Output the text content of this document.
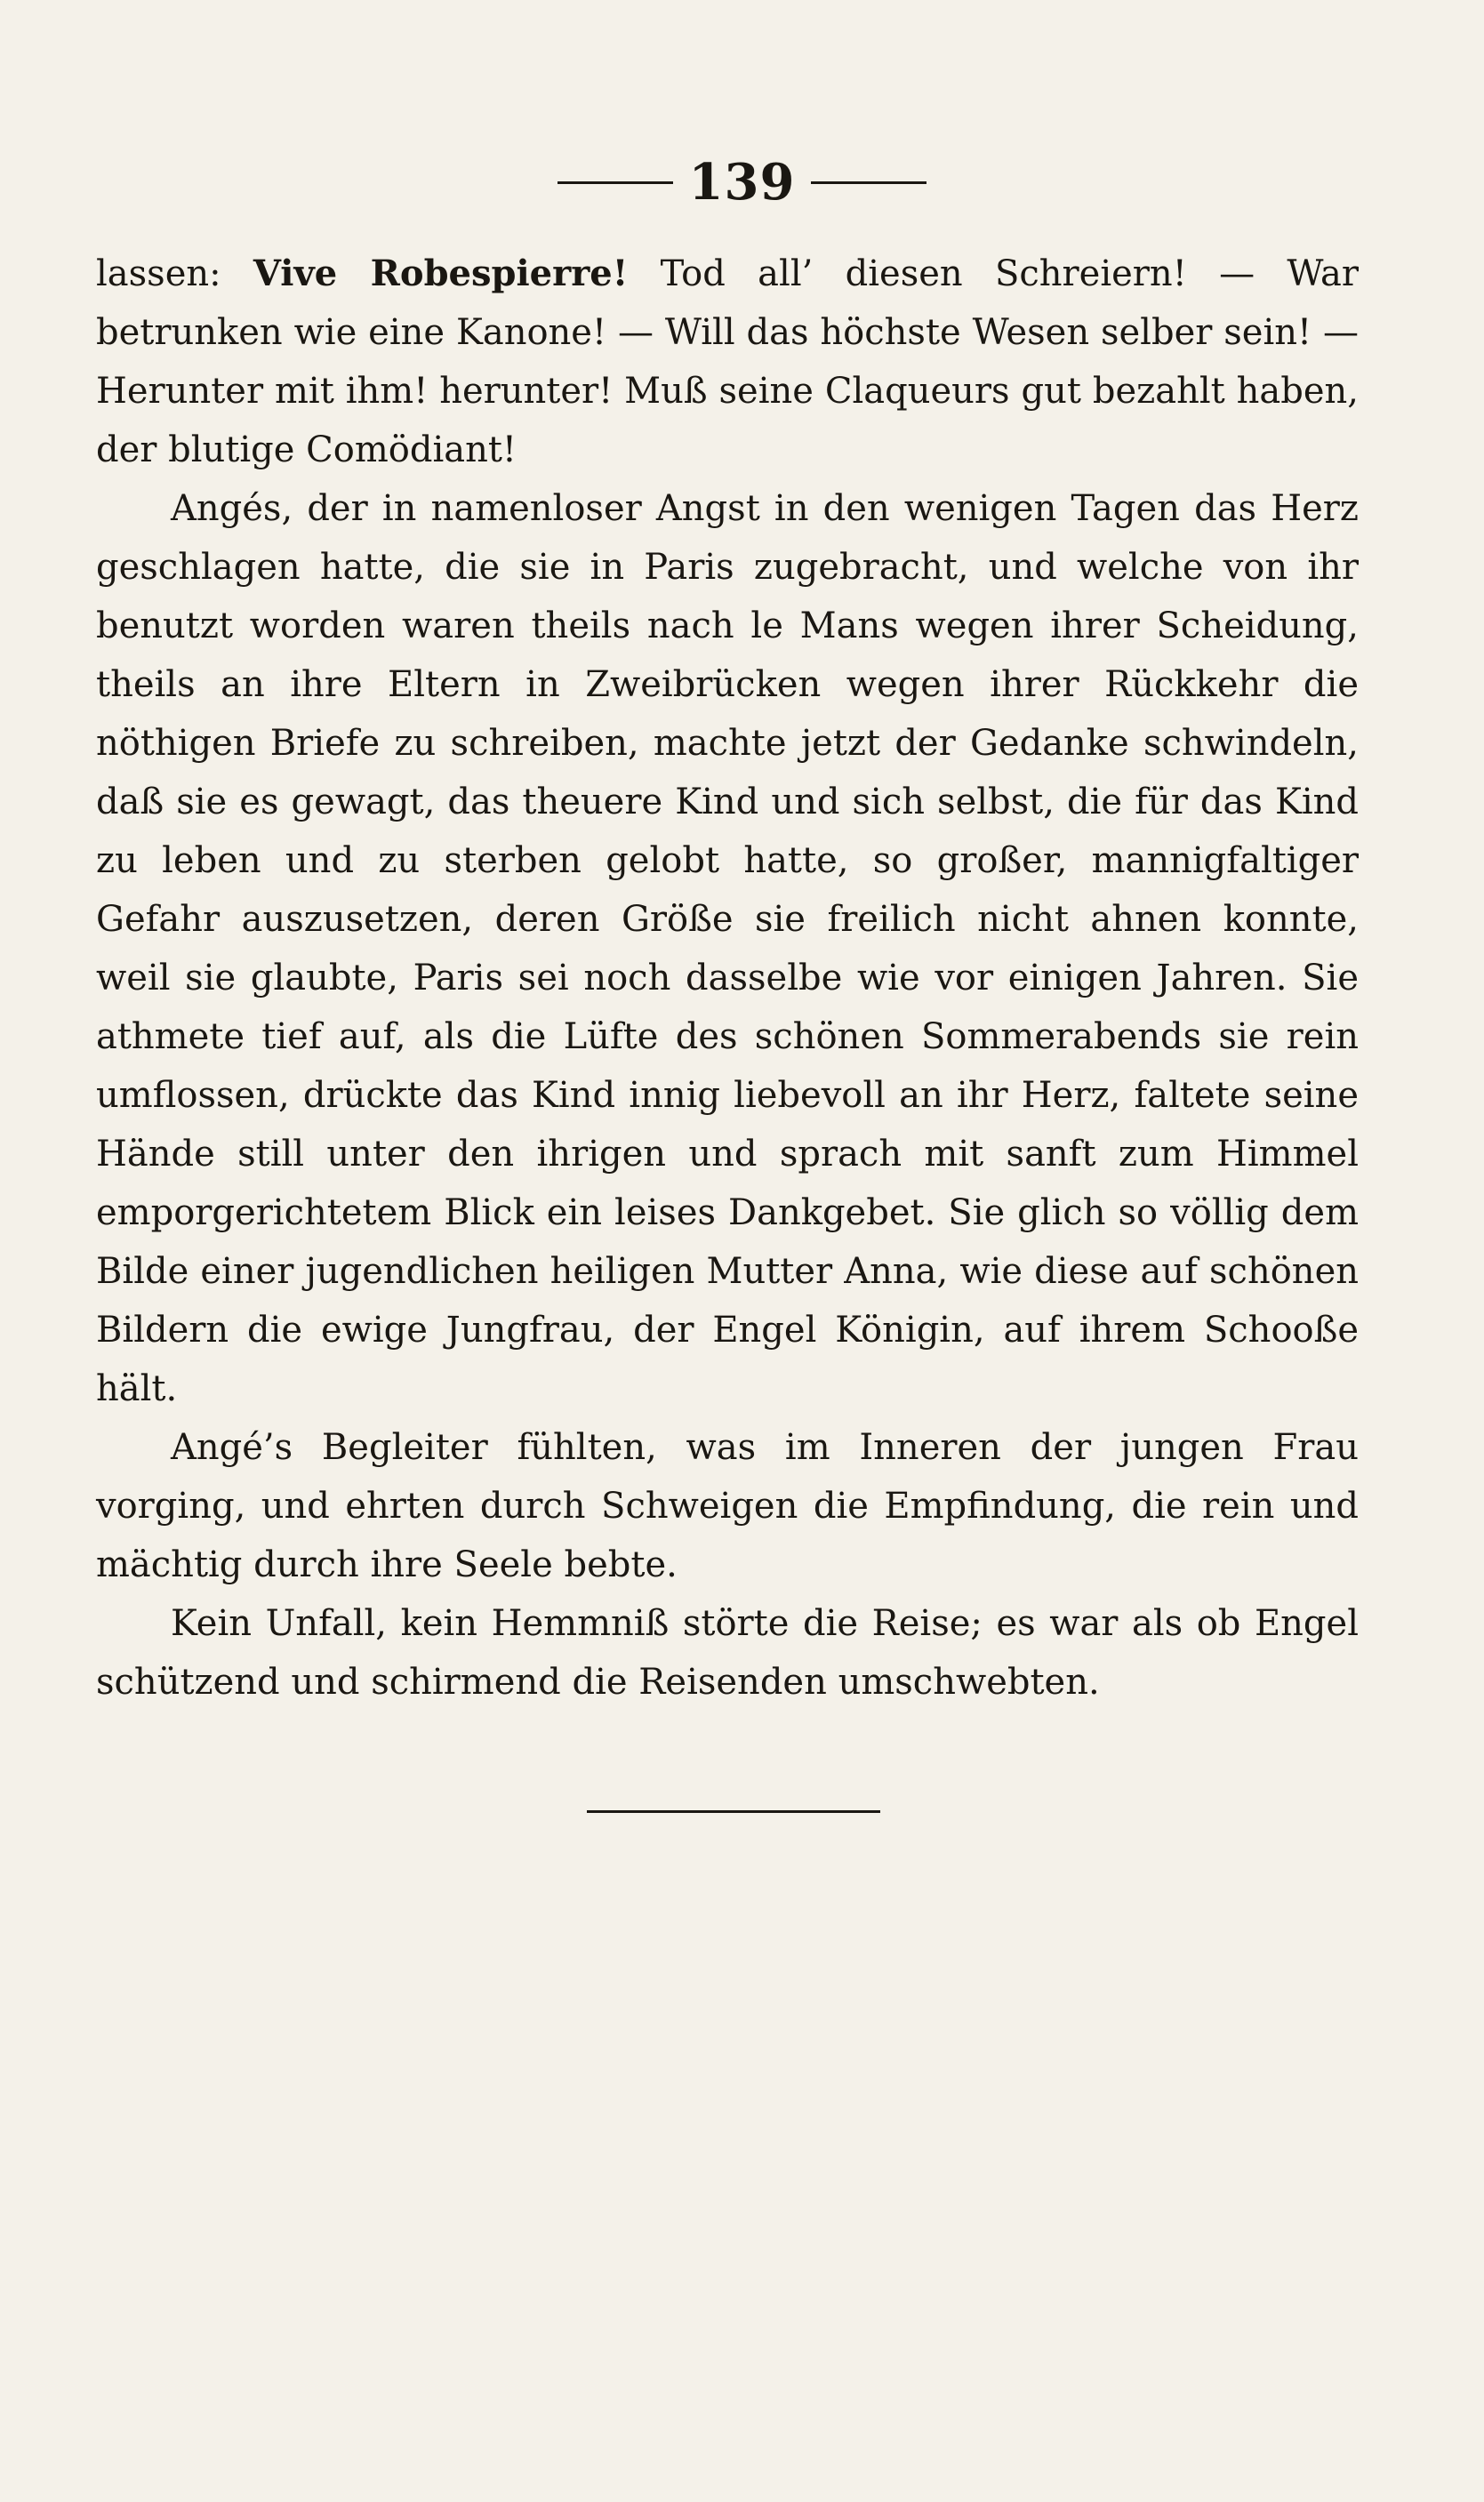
139

lassen: Vive Robespierre! Tod all’ diesen Schreiern! — War betrunken wie eine Kanone! — Will das höchste Wesen selber sein! — Herunter mit ihm! herunter! Muß seine Claqueurs gut bezahlt haben, der blutige Comödiant!

Angés, der in namenloser Angst in den wenigen Tagen das Herz geschlagen hatte, die sie in Paris zugebracht, und welche von ihr benutzt worden waren theils nach le Mans wegen ihrer Scheidung, theils an ihre Eltern in Zweibrücken wegen ihrer Rückkehr die nöthigen Briefe zu schreiben, machte jetzt der Gedanke schwindeln, daß sie es gewagt, das theuere Kind und sich selbst, die für das Kind zu leben und zu sterben gelobt hatte, so großer, mannigfaltiger Gefahr auszusetzen, deren Größe sie freilich nicht ahnen konnte, weil sie glaubte, Paris sei noch dasselbe wie vor einigen Jahren. Sie athmete tief auf, als die Lüfte des schönen Sommerabends sie rein umflossen, drückte das Kind innig liebevoll an ihr Herz, faltete seine Hände still unter den ihrigen und sprach mit sanft zum Himmel emporgerichtetem Blick ein leises Dankgebet. Sie glich so völlig dem Bilde einer jugendlichen heiligen Mutter Anna, wie diese auf schönen Bildern die ewige Jungfrau, der Engel Königin, auf ihrem Schooße hält.

Angé’s Begleiter fühlten, was im Inneren der jungen Frau vorging, und ehrten durch Schweigen die Empfindung, die rein und mächtig durch ihre Seele bebte.

Kein Unfall, kein Hemmniß störte die Reise; es war als ob Engel schützend und schirmend die Reisenden umschwebten.
